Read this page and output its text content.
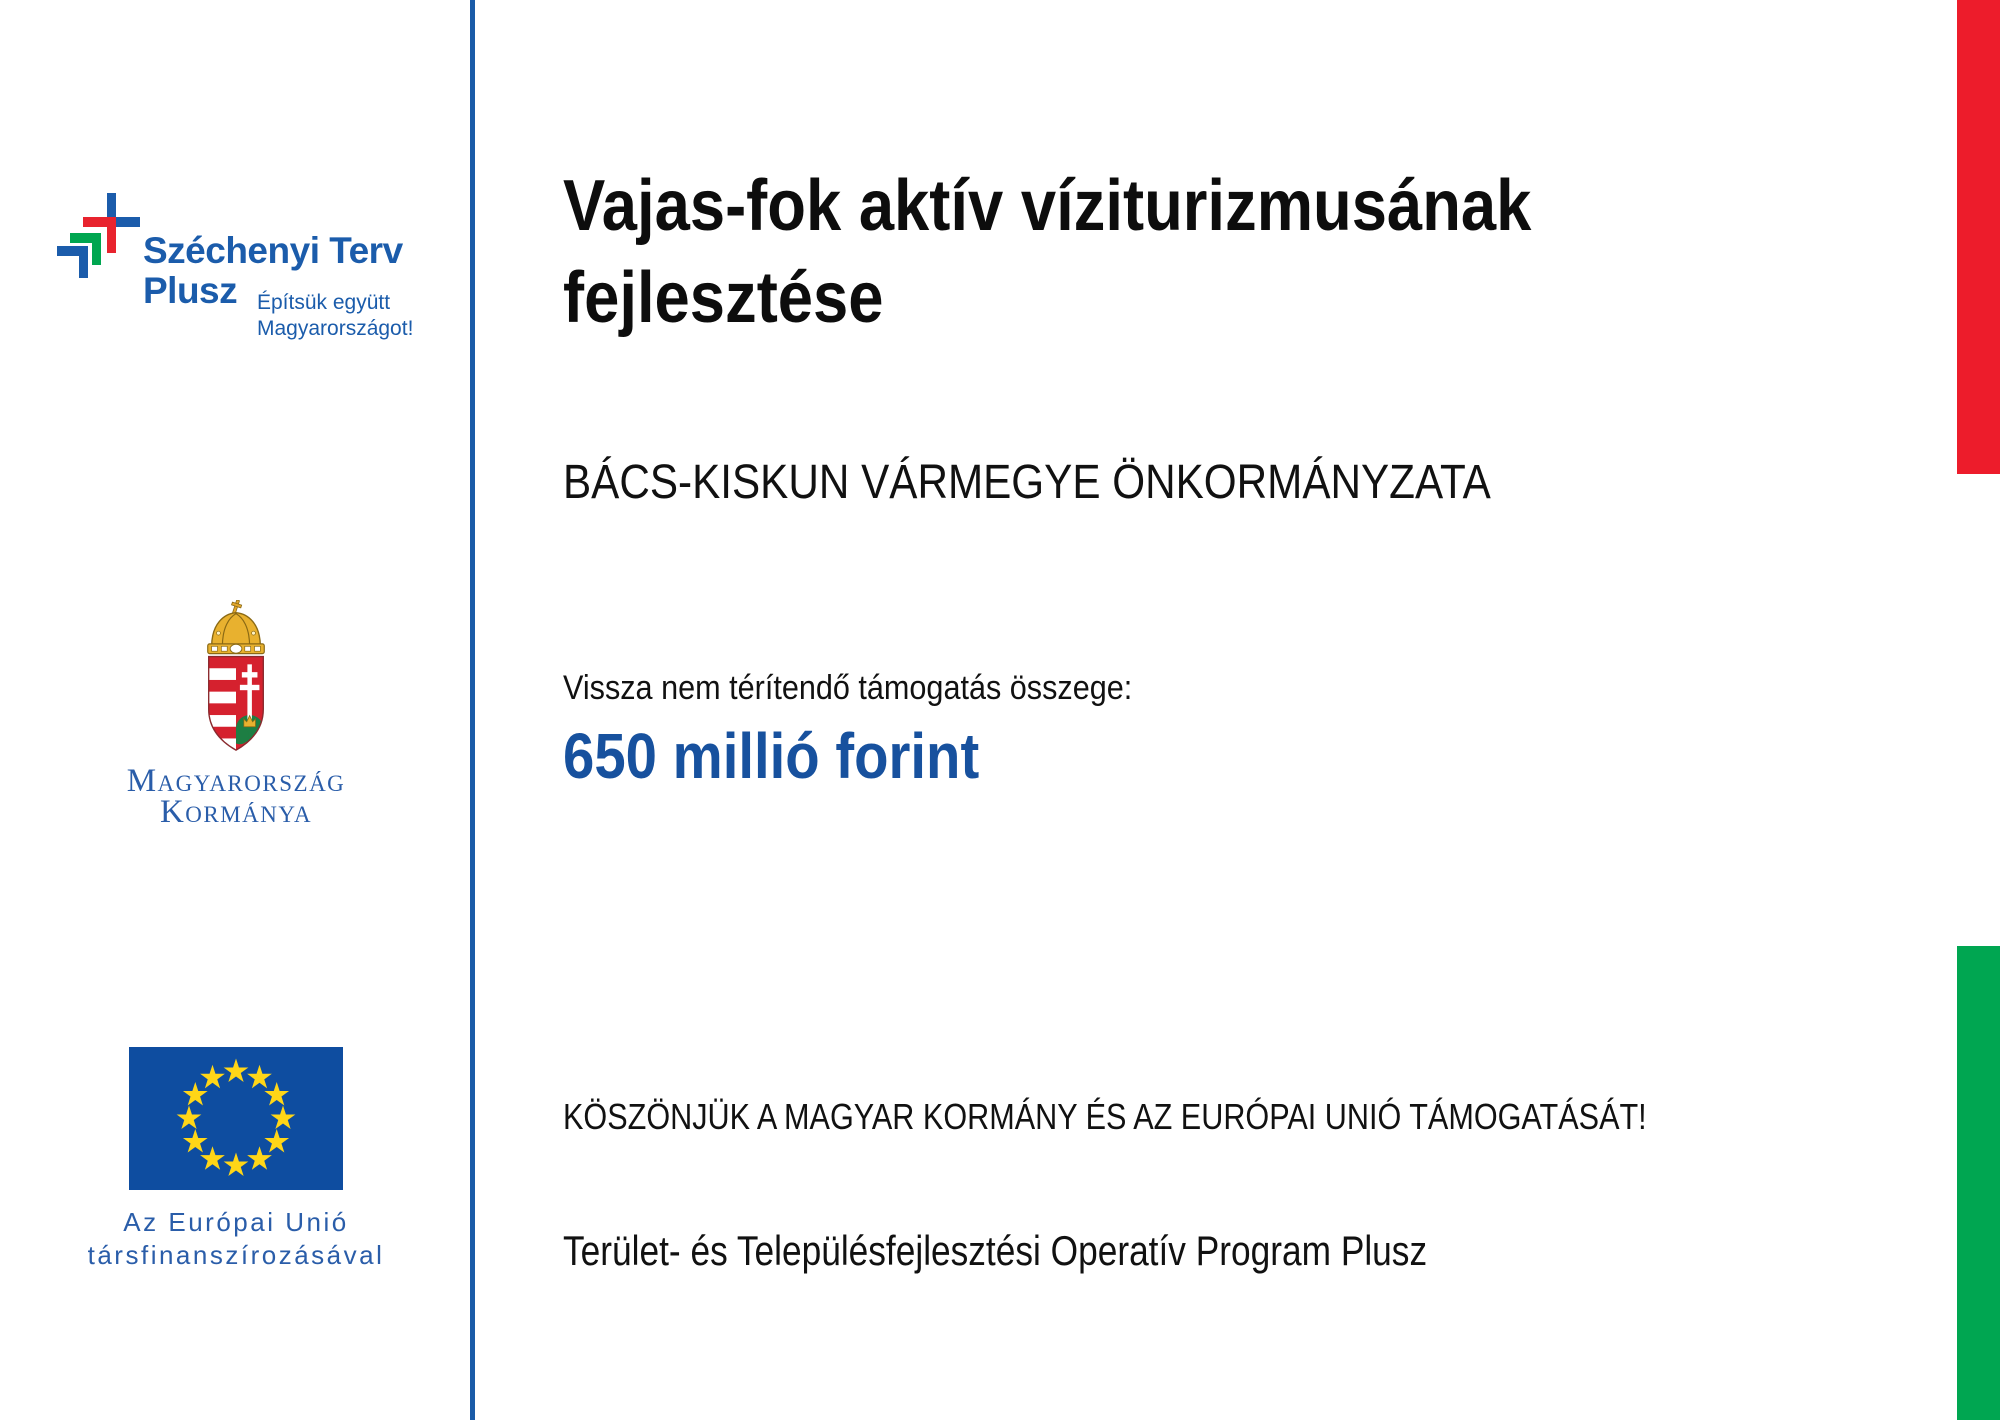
Széchenyi Terv
Plusz Építsük együtt
Magyarországot!
Magyarország
Kormánya
Az Európai Unió
társfinanszírozásával
Vajas-fok aktív víziturizmusának
fejlesztése
BÁCS-KISKUN VÁRMEGYE ÖNKORMÁNYZATA
Vissza nem térítendő támogatás összege:
650 millió forint
KÖSZÖNJÜK A MAGYAR KORMÁNY ÉS AZ EURÓPAI UNIÓ TÁMOGATÁSÁT!
Terület- és Településfejlesztési Operatív Program Plusz
